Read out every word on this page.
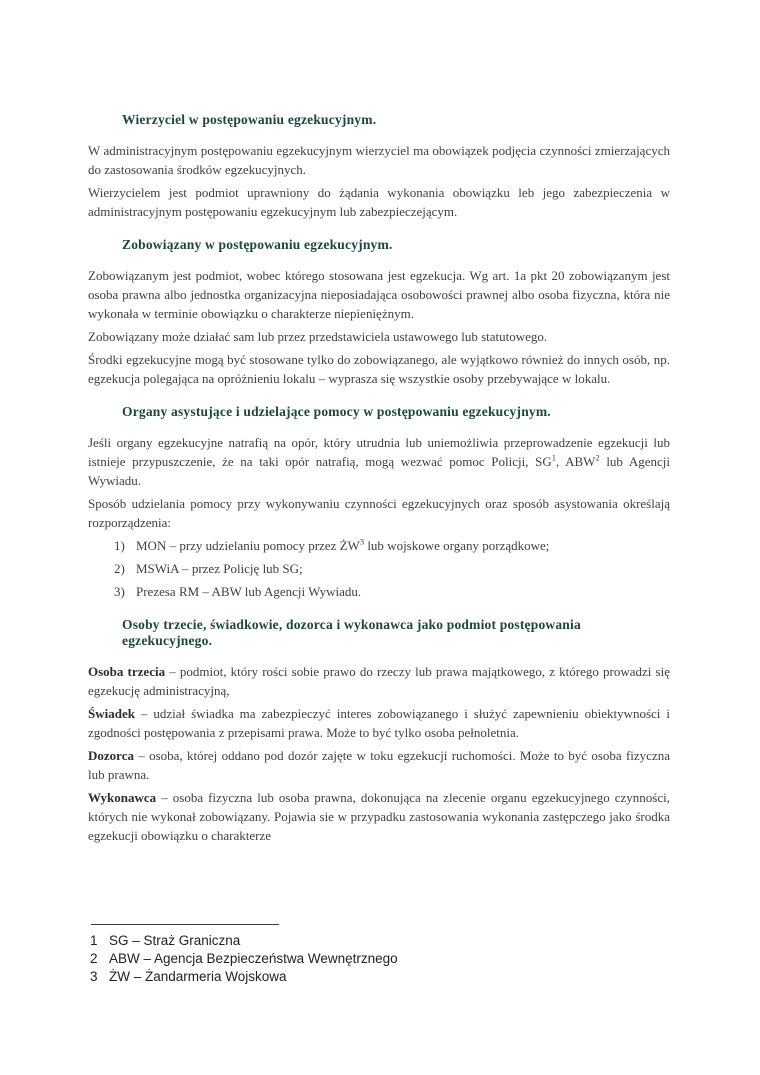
Wierzyciel w postępowaniu egzekucyjnym.

W administracyjnym postępowaniu egzekucyjnym wierzyciel ma obowiązek podjęcia czynności zmierzających do zastosowania środków egzekucyjnych.

Wierzycielem jest podmiot uprawniony do żądania wykonania obowiązku leb jego zabezpieczenia w administracyjnym postępowaniu egzekucyjnym lub zabezpieczejącym.

Zobowiązany w postępowaniu egzekucyjnym.

Zobowiązanym jest podmiot, wobec którego stosowana jest egzekucja. Wg art. 1a pkt 20 zobowiązanym jest osoba prawna albo jednostka organizacyjna nieposiadająca osobowości prawnej albo osoba fizyczna, która nie wykonała w terminie obowiązku o charakterze niepieniężnym.

Zobowiązany może działać sam lub przez przedstawiciela ustawowego lub statutowego.

Środki egzekucyjne mogą być stosowane tylko do zobowiązanego, ale wyjątkowo również do innych osób, np. egzekucja polegająca na opróżnieniu lokalu – wyprasza się wszystkie osoby przebywające w lokalu.

Organy asystujące i udzielające pomocy w postępowaniu egzekucyjnym.

Jeśli organy egzekucyjne natrafią na opór, który utrudnia lub uniemożliwia przeprowadzenie egzekucji lub istnieje przypuszczenie, że na taki opór natrafią, mogą wezwać pomoc Policji, $SG^1$, ABW$^2$ lub Agencji Wywiadu.

Sposób udzielania pomocy przy wykonywaniu czynności egzekucyjnych oraz sposób asystowania określają rozporządzenia:

1) MON – przy udzielaniu pomocy przez $ŻW^3$ lub wojskowe organy porządkowe;
2) MSWiA – przez Policję lub SG;
3) Prezesa RM – ABW lub Agencji Wywiadu.
Osoby trzecie, świadkowie, dozorca i wykonawca jako podmiot postępowania egzekucyjnego.

Osoba trzecia – podmiot, który rości sobie prawo do rzeczy lub prawa majątkowego, z którego prowadzi się egzekucję administracyjną,

Świadek – udział świadka ma zabezpieczyć interes zobowiązanego i służyć zapewnieniu obiektywności i zgodności postępowania z przepisami prawa. Może to być tylko osoba pełnoletnia.

Dozorca – osoba, której oddano pod dozór zajęte w toku egzekucji ruchomości. Może to być osoba fizyczna lub prawna.

Wykonawca – osoba fizyczna lub osoba prawna, dokonująca na zlecenie organu egzekucyjnego czynności, których nie wykonał zobowiązany. Pojawia sie w przypadku zastosowania wykonania zastępczego jako środka egzekucji obowiązku o charakterze

1 SG – Straż Graniczna
2 ABW – Agencja Bezpieczeństwa Wewnętrznego
3 ŻW – Żandarmeria Wojskowa
